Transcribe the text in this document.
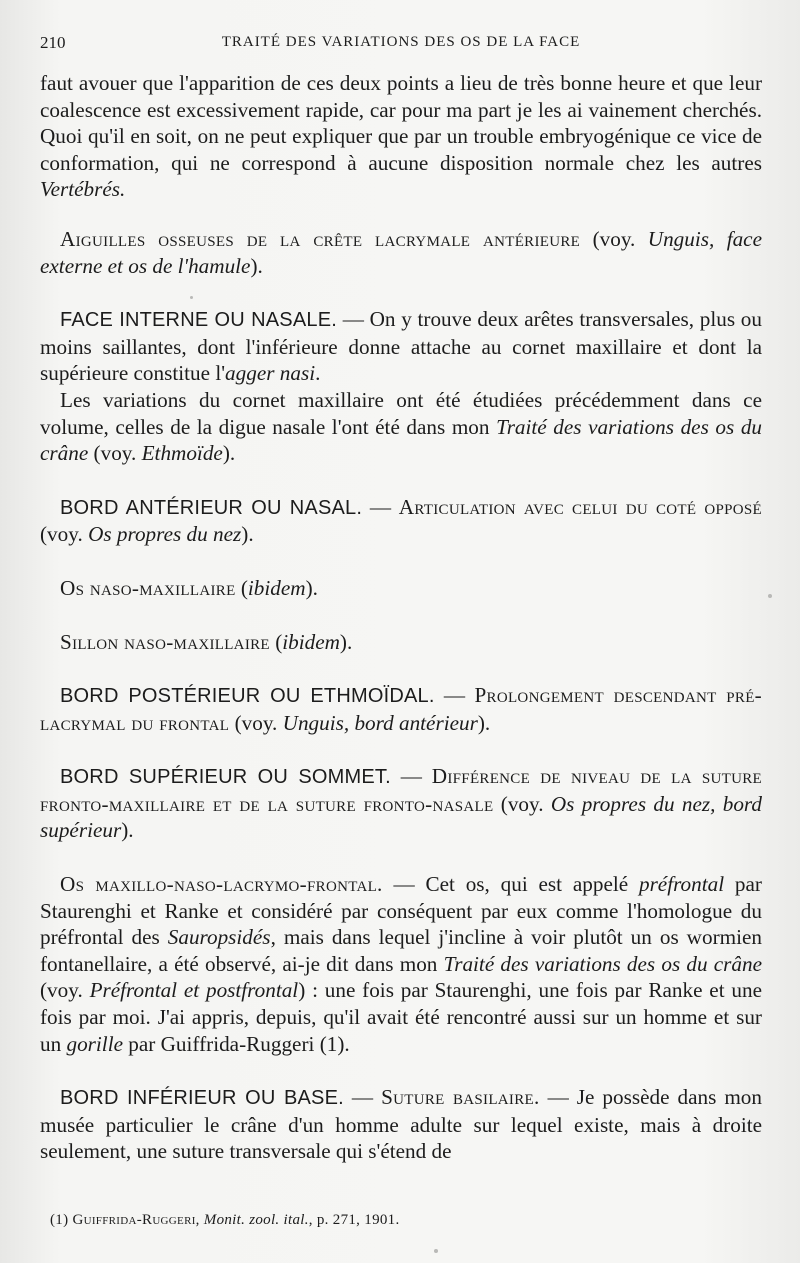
210	TRAITÉ DES VARIATIONS DES OS DE LA FACE

faut avouer que l'apparition de ces deux points a lieu de très bonne heure et que leur coalescence est excessivement rapide, car pour ma part je les ai vainement cherchés. Quoi qu'il en soit, on ne peut expliquer que par un trouble embryogénique ce vice de conformation, qui ne correspond à aucune disposition normale chez les autres Vertébrés.

Aiguilles osseuses de la crête lacrymale antérieure (voy. Unguis, face externe et os de l'hamule).

FACE INTERNE OU NASALE. — On y trouve deux arêtes transversales, plus ou moins saillantes, dont l'inférieure donne attache au cornet maxillaire et dont la supérieure constitue l'agger nasi.

Les variations du cornet maxillaire ont été étudiées précédemment dans ce volume, celles de la digue nasale l'ont été dans mon Traité des variations des os du crâne (voy. Ethmoïde).

BORD ANTÉRIEUR OU NASAL. — Articulation avec celui du coté opposé (voy. Os propres du nez).

Os naso-maxillaire (ibidem).

Sillon naso-maxillaire (ibidem).

BORD POSTÉRIEUR OU ETHMOÏDAL. — Prolongement descendant pré-lacrymal du frontal (voy. Unguis, bord antérieur).

BORD SUPÉRIEUR OU SOMMET. — Différence de niveau de la suture fronto-maxillaire et de la suture fronto-nasale (voy. Os propres du nez, bord supérieur).

Os maxillo-naso-lacrymo-frontal. — Cet os, qui est appelé préfrontal par Staurenghi et Ranke et considéré par conséquent par eux comme l'homologue du préfrontal des Sauropsidés, mais dans lequel j'incline à voir plutôt un os wormien fontanellaire, a été observé, ai-je dit dans mon Traité des variations des os du crâne (voy. Préfrontal et postfrontal) : une fois par Staurenghi, une fois par Ranke et une fois par moi. J'ai appris, depuis, qu'il avait été rencontré aussi sur un homme et sur un gorille par Guiffrida-Ruggeri (1).

BORD INFÉRIEUR OU BASE. — Suture basilaire. — Je possède dans mon musée particulier le crâne d'un homme adulte sur lequel existe, mais à droite seulement, une suture transversale qui s'étend de

(1) Guiffrida-Ruggeri, Monit. zool. ital., p. 271, 1901.
